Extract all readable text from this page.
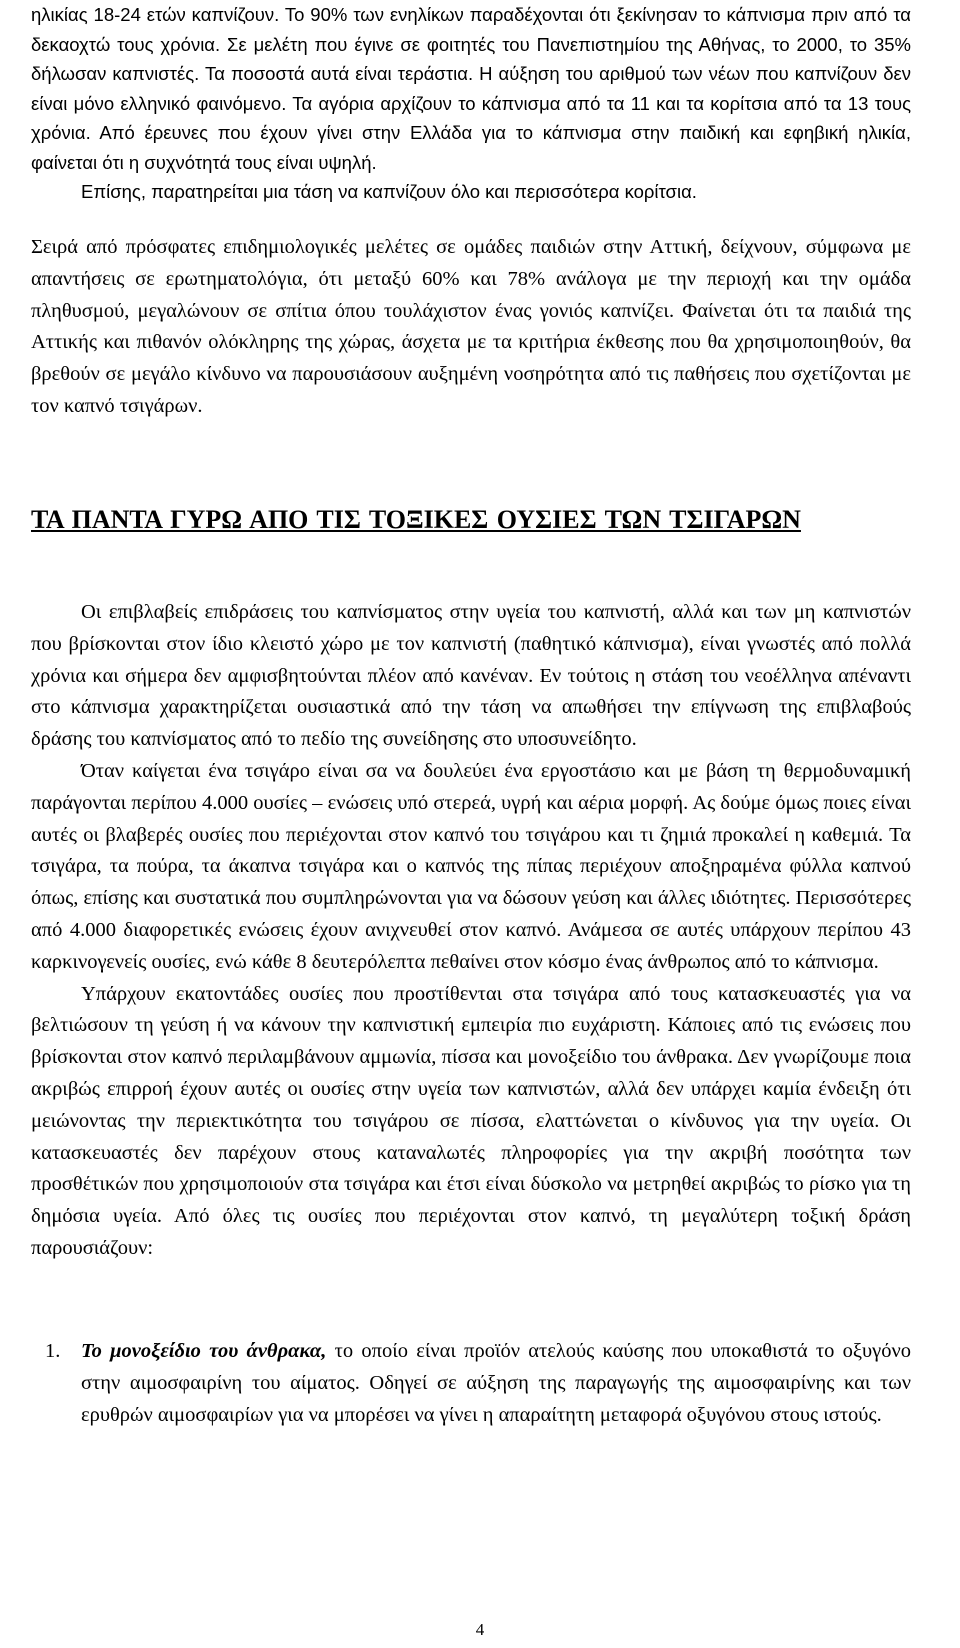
ηλικίας 18-24 ετών καπνίζουν. Το 90% των ενηλίκων παραδέχονται ότι ξεκίνησαν το κάπνισμα πριν από τα δεκαοχτώ τους χρόνια. Σε μελέτη που έγινε σε φοιτητές του Πανεπιστημίου της Αθήνας, το 2000, το 35% δήλωσαν καπνιστές. Τα ποσοστά αυτά είναι τεράστια. Η αύξηση του αριθμού των νέων που καπνίζουν δεν είναι μόνο ελληνικό φαινόμενο. Τα αγόρια αρχίζουν το κάπνισμα από τα 11 και τα κορίτσια από τα 13 τους χρόνια. Από έρευνες που έχουν γίνει στην Ελλάδα για το κάπνισμα στην παιδική και εφηβική ηλικία, φαίνεται ότι η συχνότητά τους είναι υψηλή.

Επίσης, παρατηρείται μια τάση να καπνίζουν όλο και περισσότερα κορίτσια.

Σειρά από πρόσφατες επιδημιολογικές μελέτες σε ομάδες παιδιών στην Αττική, δείχνουν, σύμφωνα με απαντήσεις σε ερωτηματολόγια, ότι μεταξύ 60% και 78% ανάλογα με την περιοχή και την ομάδα πληθυσμού, μεγαλώνουν σε σπίτια όπου τουλάχιστον ένας γονιός καπνίζει. Φαίνεται ότι τα παιδιά της Αττικής και πιθανόν ολόκληρης της χώρας, άσχετα με τα κριτήρια έκθεσης που θα χρησιμοποιηθούν, θα βρεθούν σε μεγάλο κίνδυνο να παρουσιάσουν αυξημένη νοσηρότητα από τις παθήσεις που σχετίζονται με τον καπνό τσιγάρων.

ΤΑ ΠΑΝΤΑ ΓΥΡΩ ΑΠΟ ΤΙΣ ΤΟΞΙΚΕΣ ΟΥΣΙΕΣ ΤΩΝ ΤΣΙΓΑΡΩΝ

Οι επιβλαβείς επιδράσεις του καπνίσματος στην υγεία του καπνιστή, αλλά και των μη καπνιστών που βρίσκονται στον ίδιο κλειστό χώρο με τον καπνιστή (παθητικό κάπνισμα), είναι γνωστές από πολλά χρόνια και σήμερα δεν αμφισβητούνται πλέον από κανέναν. Εν τούτοις η στάση του νεοέλληνα απέναντι στο κάπνισμα χαρακτηρίζεται ουσιαστικά από την τάση να απωθήσει την επίγνωση της επιβλαβούς δράσης του καπνίσματος από το πεδίο της συνείδησης στο υποσυνείδητο.

Όταν καίγεται ένα τσιγάρο είναι σα να δουλεύει ένα εργοστάσιο και με βάση τη θερμοδυναμική παράγονται περίπου 4.000 ουσίες – ενώσεις υπό στερεά, υγρή και αέρια μορφή. Ας δούμε όμως ποιες είναι αυτές οι βλαβερές ουσίες που περιέχονται στον καπνό του τσιγάρου και τι ζημιά προκαλεί η καθεμιά. Τα τσιγάρα, τα πούρα, τα άκαπνα τσιγάρα και ο καπνός της πίπας περιέχουν αποξηραμένα φύλλα καπνού όπως, επίσης και συστατικά που συμπληρώνονται για να δώσουν γεύση και άλλες ιδιότητες. Περισσότερες από 4.000 διαφορετικές ενώσεις έχουν ανιχνευθεί στον καπνό. Ανάμεσα σε αυτές υπάρχουν περίπου 43 καρκινογενείς ουσίες, ενώ κάθε 8 δευτερόλεπτα πεθαίνει στον κόσμο ένας άνθρωπος από το κάπνισμα.

Υπάρχουν εκατοντάδες ουσίες που προστίθενται στα τσιγάρα από τους κατασκευαστές για να βελτιώσουν τη γεύση ή να κάνουν την καπνιστική εμπειρία πιο ευχάριστη. Κάποιες από τις ενώσεις που βρίσκονται στον καπνό περιλαμβάνουν αμμωνία, πίσσα και μονοξείδιο του άνθρακα. Δεν γνωρίζουμε ποια ακριβώς επιρροή έχουν αυτές οι ουσίες στην υγεία των καπνιστών, αλλά δεν υπάρχει καμία ένδειξη ότι μειώνοντας την περιεκτικότητα του τσιγάρου σε πίσσα, ελαττώνεται ο κίνδυνος για την υγεία. Οι κατασκευαστές δεν παρέχουν στους καταναλωτές πληροφορίες για την ακριβή ποσότητα των προσθέτικών που χρησιμοποιούν στα τσιγάρα και έτσι είναι δύσκολο να μετρηθεί ακριβώς το ρίσκο για τη δημόσια υγεία. Από όλες τις ουσίες που περιέχονται στον καπνό, τη μεγαλύτερη τοξική δράση παρουσιάζουν:

1.	Το μονοξείδιο του άνθρακα, το οποίο είναι προϊόν ατελούς καύσης που υποκαθιστά το οξυγόνο στην αιμοσφαιρίνη του αίματος. Οδηγεί σε αύξηση της παραγωγής της αιμοσφαιρίνης και των ερυθρών αιμοσφαιρίων για να μπορέσει να γίνει η απαραίτητη μεταφορά οξυγόνου στους ιστούς.
4
